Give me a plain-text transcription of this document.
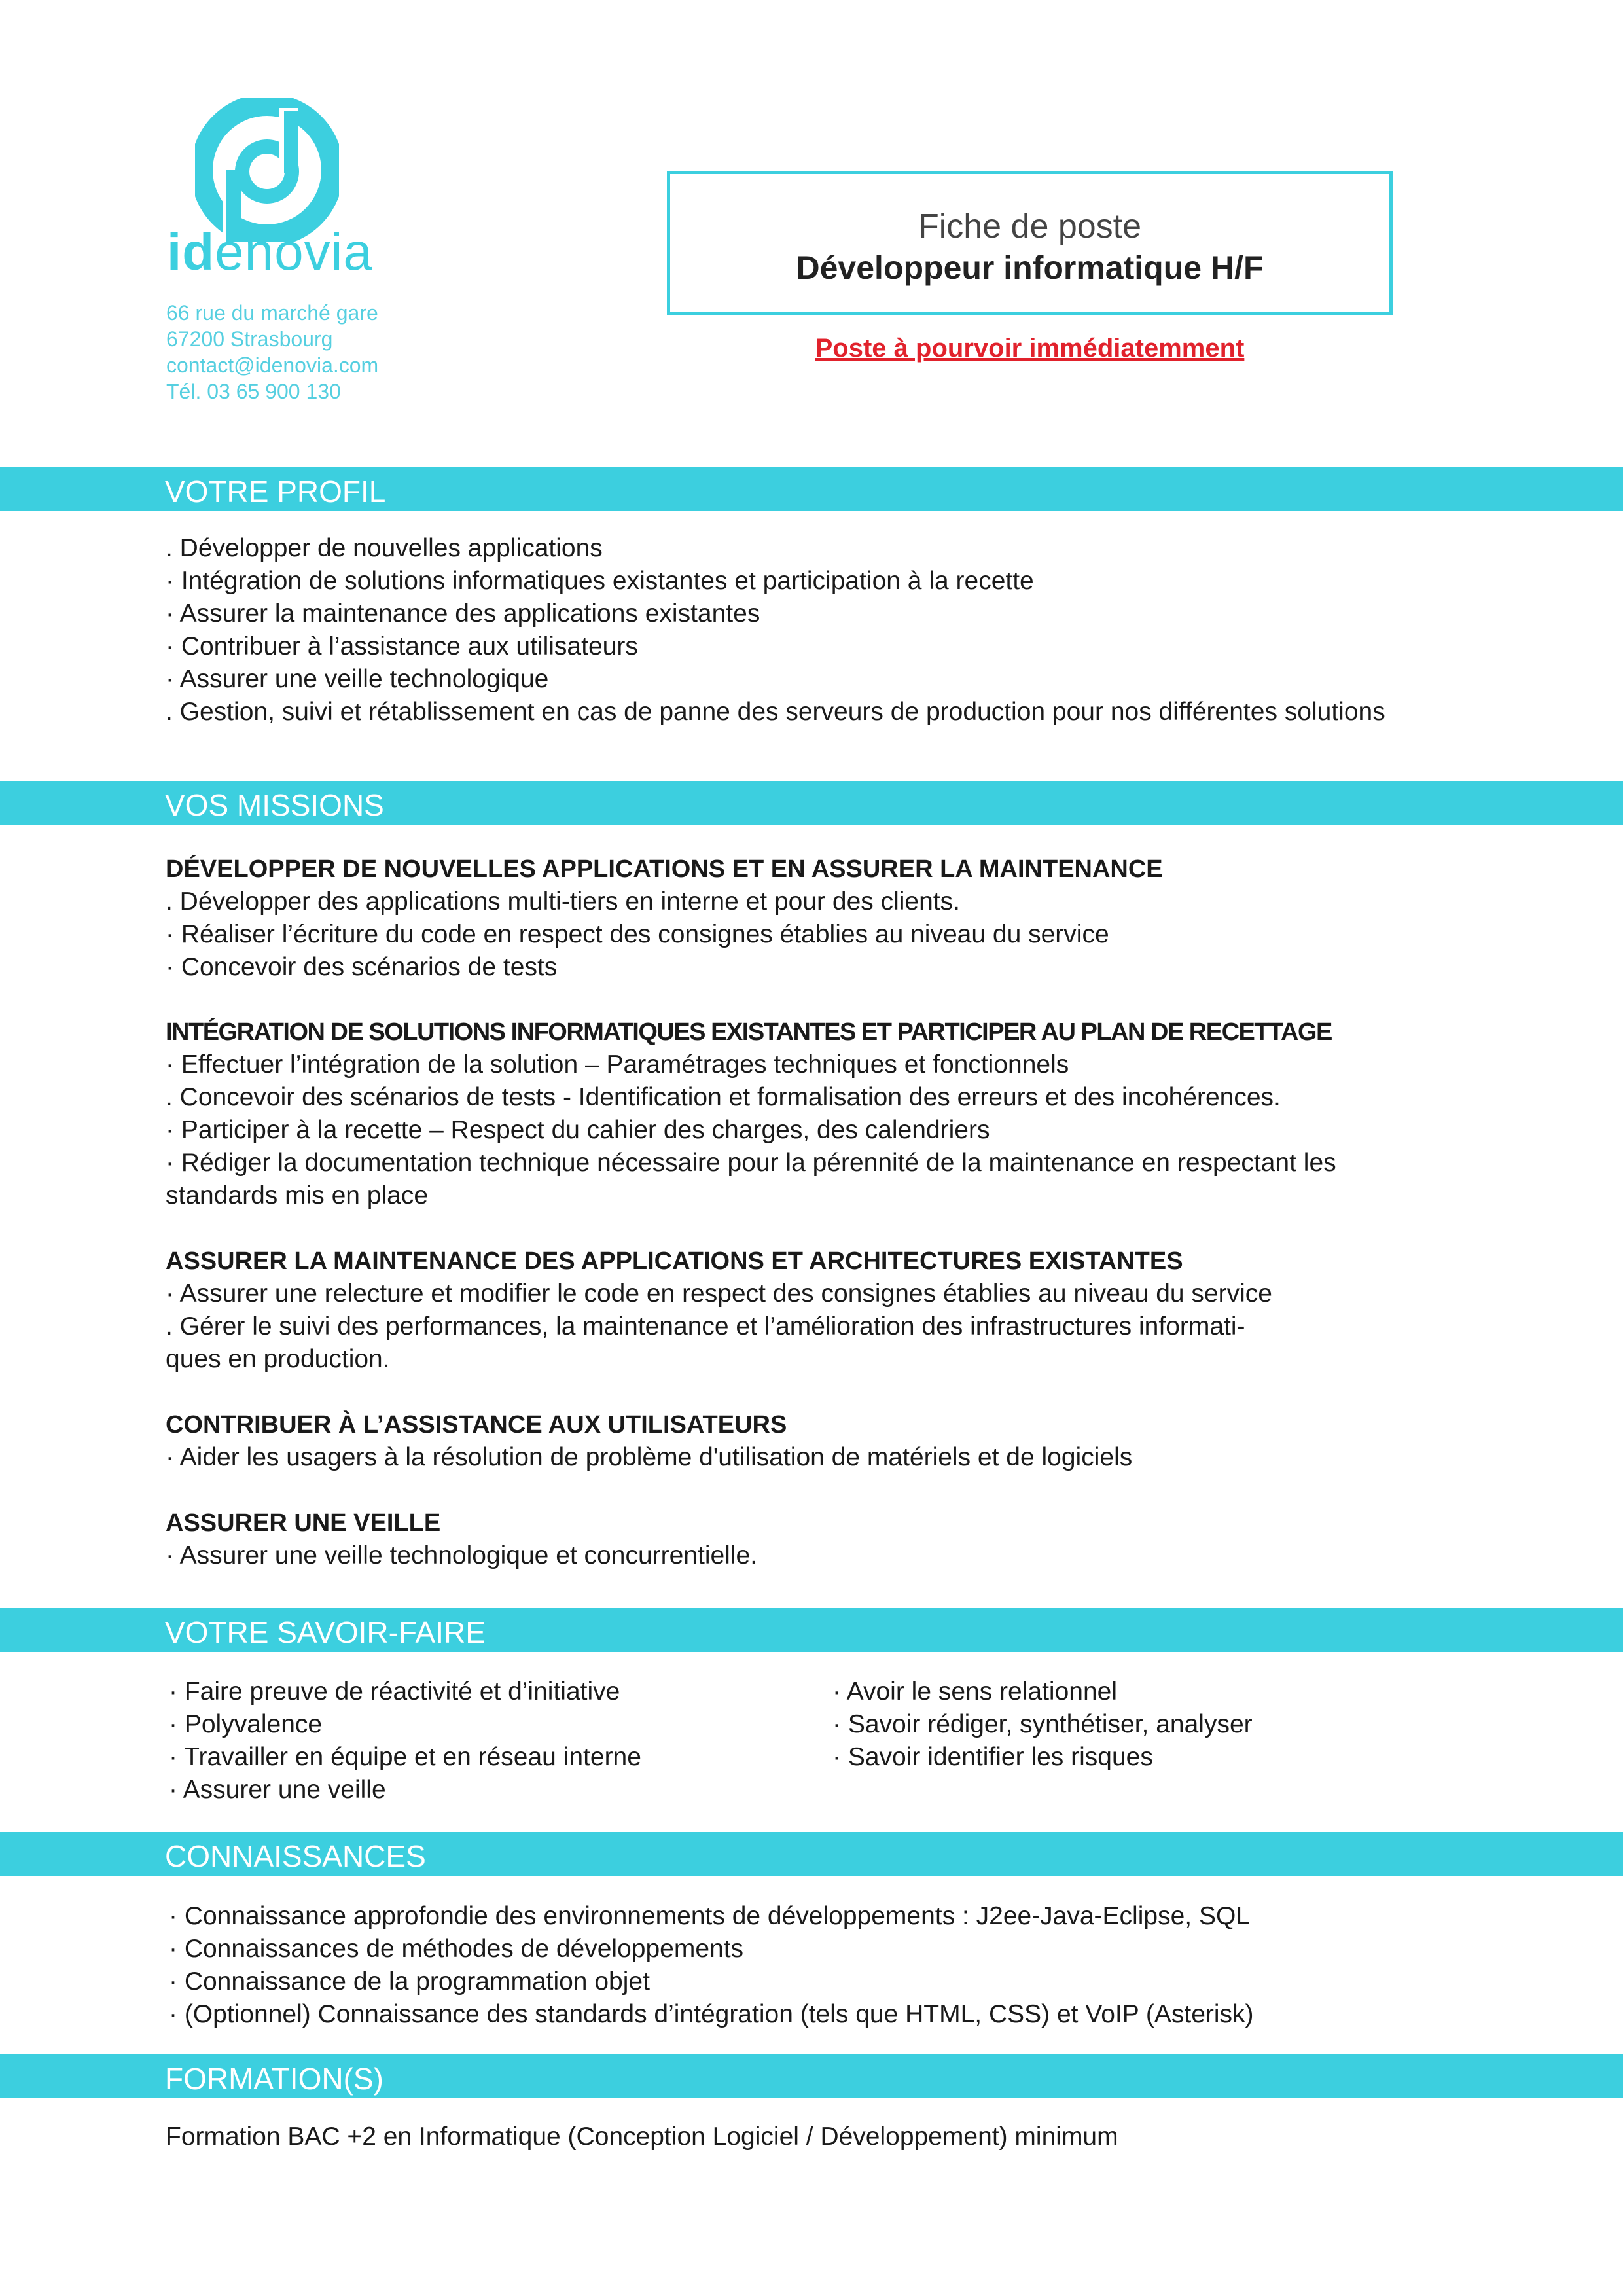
idenovia
66 rue du marché gare
67200 Strasbourg
contact@idenovia.com
Tél. 03 65 900 130
Fiche de poste
Développeur informatique H/F
Poste à pourvoir immédiatemment
VOTRE PROFIL
. Développer de nouvelles applications
· Intégration de solutions informatiques existantes et participation à la recette
· Assurer la maintenance des applications existantes
· Contribuer à l’assistance aux utilisateurs
· Assurer une veille technologique
. Gestion, suivi et rétablissement en cas de panne des serveurs de production pour nos différentes solutions
VOS MISSIONS
DÉVELOPPER DE NOUVELLES APPLICATIONS ET EN ASSURER LA MAINTENANCE
. Développer des applications multi-tiers en interne et pour des clients.
· Réaliser l’écriture du code en respect des consignes établies au niveau du service
· Concevoir des scénarios de tests
INTÉGRATION DE SOLUTIONS INFORMATIQUES EXISTANTES ET PARTICIPER AU PLAN DE RECETTAGE
· Effectuer l’intégration de la solution – Paramétrages techniques et fonctionnels
. Concevoir des scénarios de tests - Identification et formalisation des erreurs et des incohérences.
· Participer à la recette – Respect du cahier des charges, des calendriers
· Rédiger la documentation technique nécessaire pour la pérennité de la maintenance en respectant les
standards mis en place
ASSURER LA MAINTENANCE DES APPLICATIONS ET ARCHITECTURES EXISTANTES
· Assurer une relecture et modifier le code en respect des consignes établies au niveau du service
. Gérer le suivi des performances, la maintenance et l’amélioration des infrastructures informati-
ques en production.
CONTRIBUER À L’ASSISTANCE AUX UTILISATEURS
· Aider les usagers à la résolution de problème d'utilisation de matériels et de logiciels
ASSURER UNE VEILLE
· Assurer une veille technologique et concurrentielle.
VOTRE SAVOIR-FAIRE
· Faire preuve de réactivité et d’initiative
· Polyvalence
· Travailler en équipe et en réseau interne
· Assurer une veille
· Avoir le sens relationnel
· Savoir rédiger, synthétiser, analyser
· Savoir identifier les risques
CONNAISSANCES
· Connaissance approfondie des environnements de développements : J2ee-Java-Eclipse, SQL
· Connaissances de méthodes de développements
· Connaissance de la programmation objet
· (Optionnel) Connaissance des standards d’intégration (tels que HTML, CSS) et VoIP (Asterisk)
FORMATION(S)
Formation BAC +2 en Informatique (Conception Logiciel / Développement) minimum
